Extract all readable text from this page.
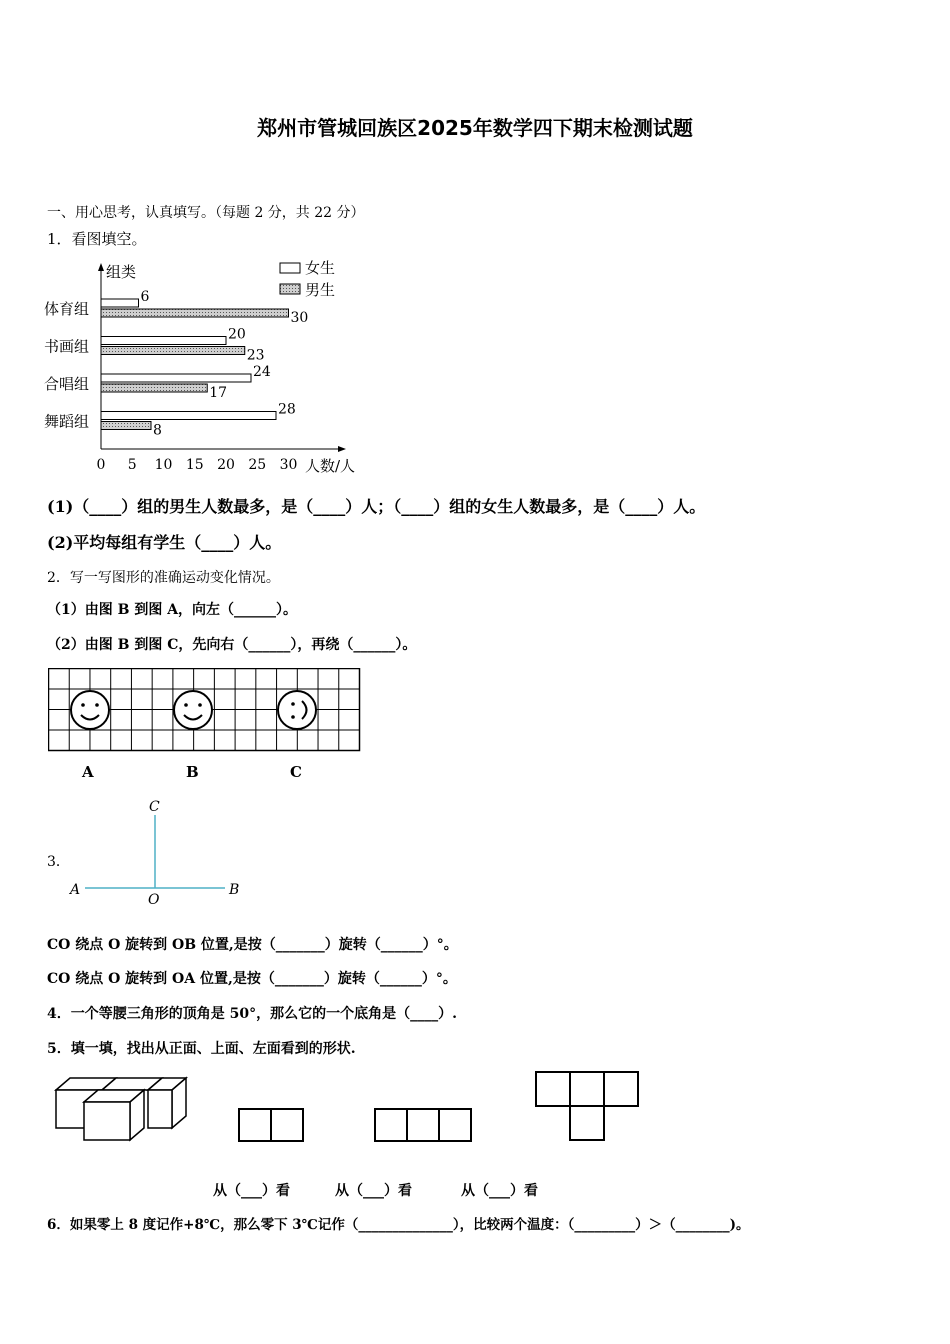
郑州市管城回族区2025年数学四下期末检测试题
一、用心思考，认真填写。（每题 2 分，共 22 分）
1．看图填空。
组类
人数/人
女生
男生
体育组
6
30
书画组
20
23
合唱组
24
17
舞蹈组
28
8
0 5 10 15 20 25 30
(1)（____）组的男生人数最多，是（____）人；（____）组的女生人数最多，是（____）人。
(2)平均每组有学生（____）人。
2．写一写图形的准确运动变化情况。
（1）由图 B 到图 A，向左（______）。
（2）由图 B 到图 C，先向右（______），再绕（______）。
A	B	C
3．
C
A	B
O
CO 绕点 O 旋转到 OB 位置,是按（_______）旋转（______）°。
CO 绕点 O 旋转到 OA 位置,是按（_______）旋转（______）°。
4．一个等腰三角形的顶角是 50°，那么它的一个底角是（____）.
5．填一填，找出从正面、上面、左面看到的形状.
从（___）看	从（___）看	从（___）看
6．如果零上 8 度记作+8℃，那么零下 3℃记作（______________），比较两个温度：（_________）＞（________)。
